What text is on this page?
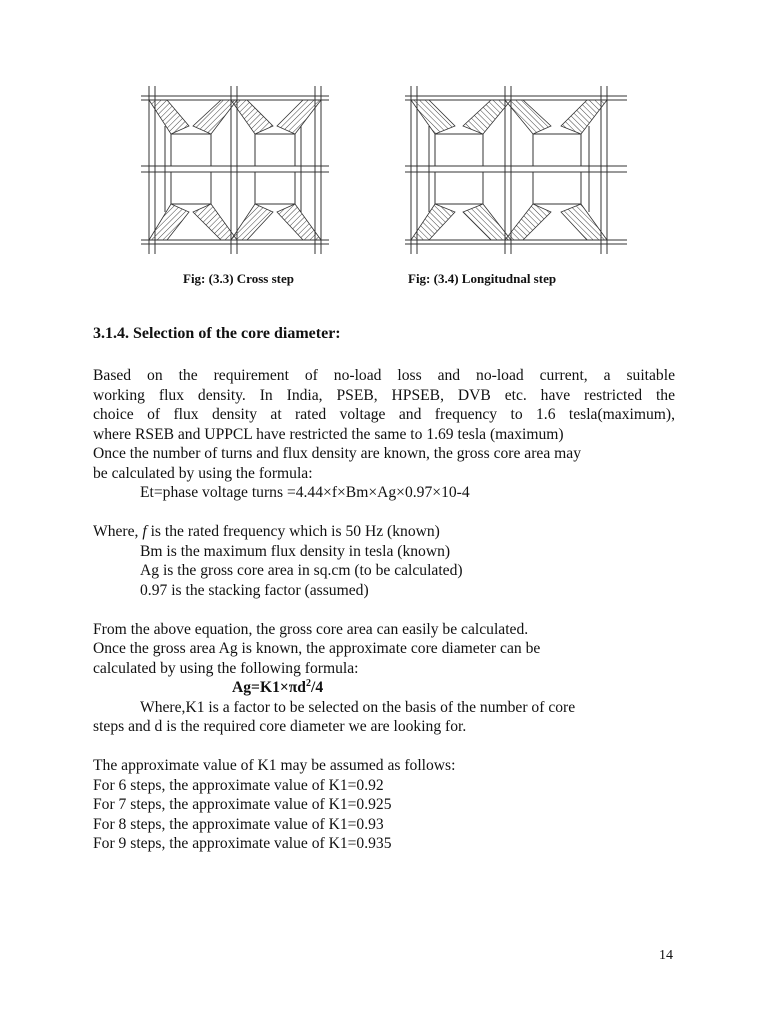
Fig: (3.3) Cross step	Fig: (3.4) Longitudnal step
3.1.4. Selection of the core diameter:
Based on the requirement of no-load loss and no-load current, a suitable
working flux density. In India, PSEB, HPSEB, DVB etc. have restricted the
choice of flux density at rated voltage and frequency to 1.6 tesla(maximum),
where RSEB and UPPCL have restricted the same to 1.69 tesla (maximum)
Once the number of turns and flux density are known, the gross core area may
be calculated by using the formula:
Et=phase voltage turns =4.44×f×Bm×Ag×0.97×10-4
Where, f is the rated frequency which is 50 Hz (known)
Bm is the maximum flux density in tesla (known)
Ag is the gross core area in sq.cm (to be calculated)
0.97 is the stacking factor (assumed)
From the above equation, the gross core area can easily be calculated.
Once the gross area Ag is known, the approximate core diameter can be
calculated by using the following formula:
$Ag=K1\times\pi d^2/4$
Where,K1 is a factor to be selected on the basis of the number of core
steps and d is the required core diameter we are looking for.
The approximate value of K1 may be assumed as follows:
For 6 steps, the approximate value of K1=0.92
For 7 steps, the approximate value of K1=0.925
For 8 steps, the approximate value of K1=0.93
For 9 steps, the approximate value of K1=0.935
14
